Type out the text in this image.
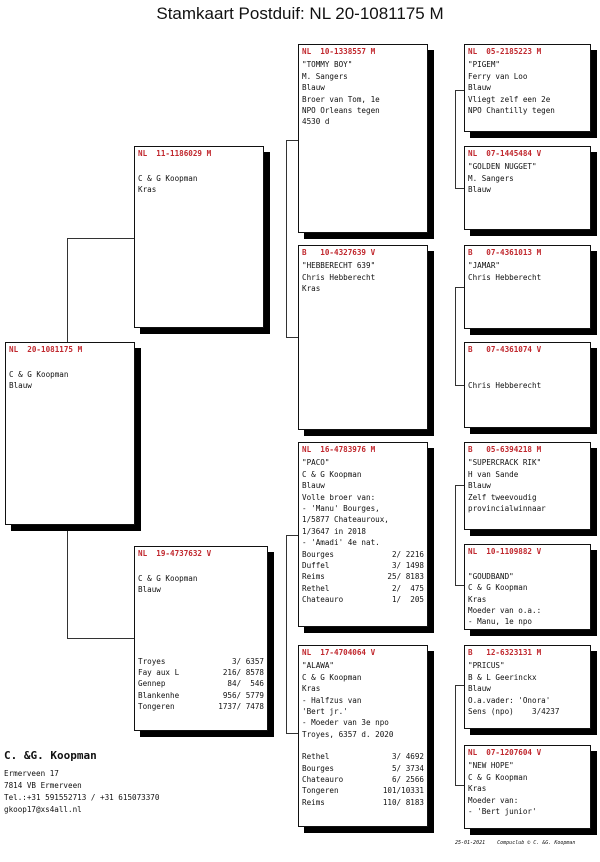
Stamkaart Postduif: NL 20-1081175 M
NL  20-1081175 M
C & G Koopman
Blauw
NL  11-1186029 M
C & G Koopman
Kras
NL  19-4737632 V
C & G Koopman
Blauw
Troyes	3/ 6357
Fay aux L	216/ 8578
Gennep	84/  546
Blankenhe	956/ 5779
Tongeren	1737/ 7478
NL  10-1338557 M
"TOMMY BOY"
M. Sangers
Blauw
Broer van Tom, 1e
NPO Orleans tegen
4530 d
B   10-4327639 V
"HEBBERECHT 639"
Chris Hebberecht
Kras
NL  16-4783976 M
"PACO"
C & G Koopman
Blauw
Volle broer van:
- 'Manu' Bourges,
1/5877 Chateauroux,
1/3647 in 2018
- 'Amadi' 4e nat.
Bourges	2/ 2216
Duffel	3/ 1498
Reims	25/ 8183
Rethel	2/  475
Chateauro	1/  205
NL  17-4704064 V
"ALAWA"
C & G Koopman
Kras
- Halfzus van
'Bert jr.'
- Moeder van 3e npo
Troyes, 6357 d. 2020
Rethel	3/ 4692
Bourges	5/ 3734
Chateauro	6/ 2566
Tongeren	101/10331
Reims	110/ 8183
NL  05-2185223 M
"PIGEM"
Ferry van Loo
Blauw
Vliegt zelf een 2e
NPO Chantilly tegen
NL  07-1445484 V
"GOLDEN NUGGET"
M. Sangers
Blauw
B   07-4361013 M
"JAMAR"
Chris Hebberecht
B   07-4361074 V
Chris Hebberecht
B   05-6394218 M
"SUPERCRACK RIK"
H van Sande
Blauw
Zelf tweevoudig
provincialwinnaar
NL  10-1109882 V
"GOUDBAND"
C & G Koopman
Kras
Moeder van o.a.:
- Manu, 1e npo
B   12-6323131 M
"PRICUS"
B & L Geerinckx
Blauw
O.a.vader: 'Onora'
Sens (npo)    3/4237
NL  07-1207604 V
"NEW HOPE"
C & G Koopman
Kras
Moeder van:
- 'Bert junior'
C. &G. Koopman
Ermerveen 17
7814 VB Ermerveen
Tel.:+31 591552713 / +31 615073370
gkoop17@xs4all.nl
25-01-2021    Compuclub © C. &G. Koopman
